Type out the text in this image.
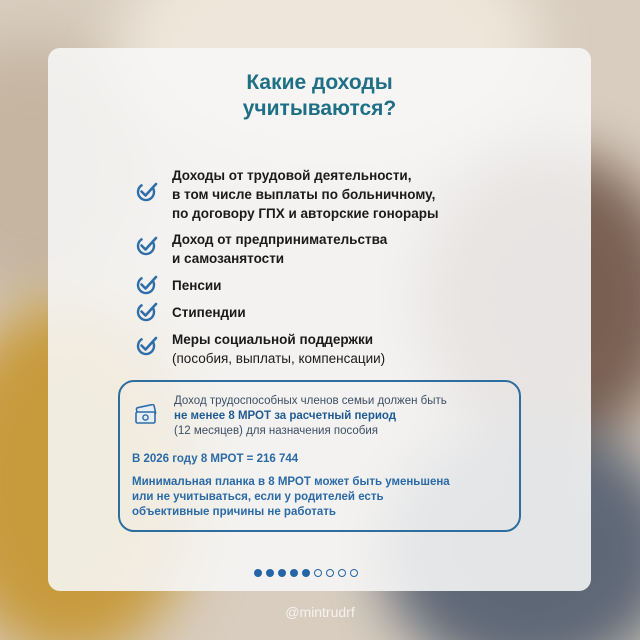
Какие доходы
учитываются?
Доходы от трудовой деятельности,
в том числе выплаты по больничному,
по договору ГПХ и авторские гонорары
Доход от предпринимательства
и самозанятости
Пенсии
Стипендии
Меры социальной поддержки
(пособия, выплаты, компенсации)
Доход трудоспособных членов семьи должен быть
не менее 8 МРОТ за расчетный период
(12 месяцев) для назначения пособия
В 2026 году 8 МРОТ = 216 744
Минимальная планка в 8 МРОТ может быть уменьшена
или не учитываться, если у родителей есть
объективные причины не работать
@mintrudrf
